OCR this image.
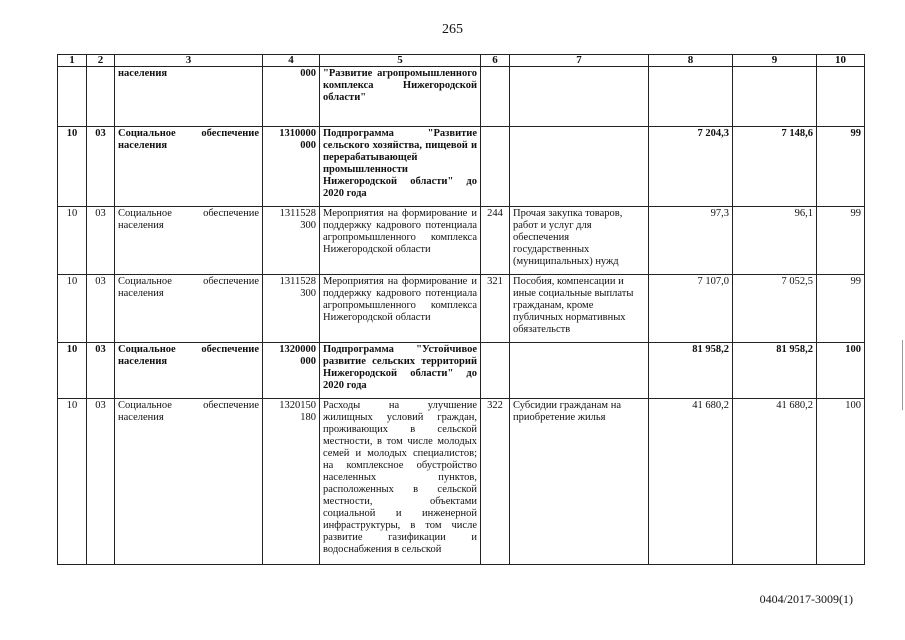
265
1	2	3	4	5	6	7	8	9	10
		населения	000	"Развитие агропромышленного комплекса Нижегородской области"					
10	03	Социальное обеспечение населения	1310000 000	Подпрограмма "Развитие сельского хозяйства, пищевой и перерабатывающей промышленности Нижегородской области" до 2020 года			7 204,3	7 148,6	99
10	03	Социальное обеспечение населения	1311528 300	Мероприятия на формирование и поддержку кадрового потенциала агропромышленного комплекса Нижегородской области	244	Прочая закупка товаров, работ и услуг для обеспечения государственных (муниципальных) нужд	97,3	96,1	99
10	03	Социальное обеспечение населения	1311528 300	Мероприятия на формирование и поддержку кадрового потенциала агропромышленного комплекса Нижегородской области	321	Пособия, компенсации и иные социальные выплаты гражданам, кроме публичных нормативных обязательств	7 107,0	7 052,5	99
10	03	Социальное обеспечение населения	1320000 000	Подпрограмма "Устойчивое развитие сельских территорий Нижегородской области" до 2020 года			81 958,2	81 958,2	100
10	03	Социальное обеспечение населения	1320150 180	Расходы на улучшение жилищных условий граждан, проживающих в сельской местности, в том числе молодых семей и молодых специалистов; на комплексное обустройство населенных пунктов, расположенных в сельской местности, объектами социальной и инженерной инфраструктуры, в том числе развитие газификации и водоснабжения в сельской	322	Субсидии гражданам на приобретение жилья	41 680,2	41 680,2	100
0404/2017-3009(1)
